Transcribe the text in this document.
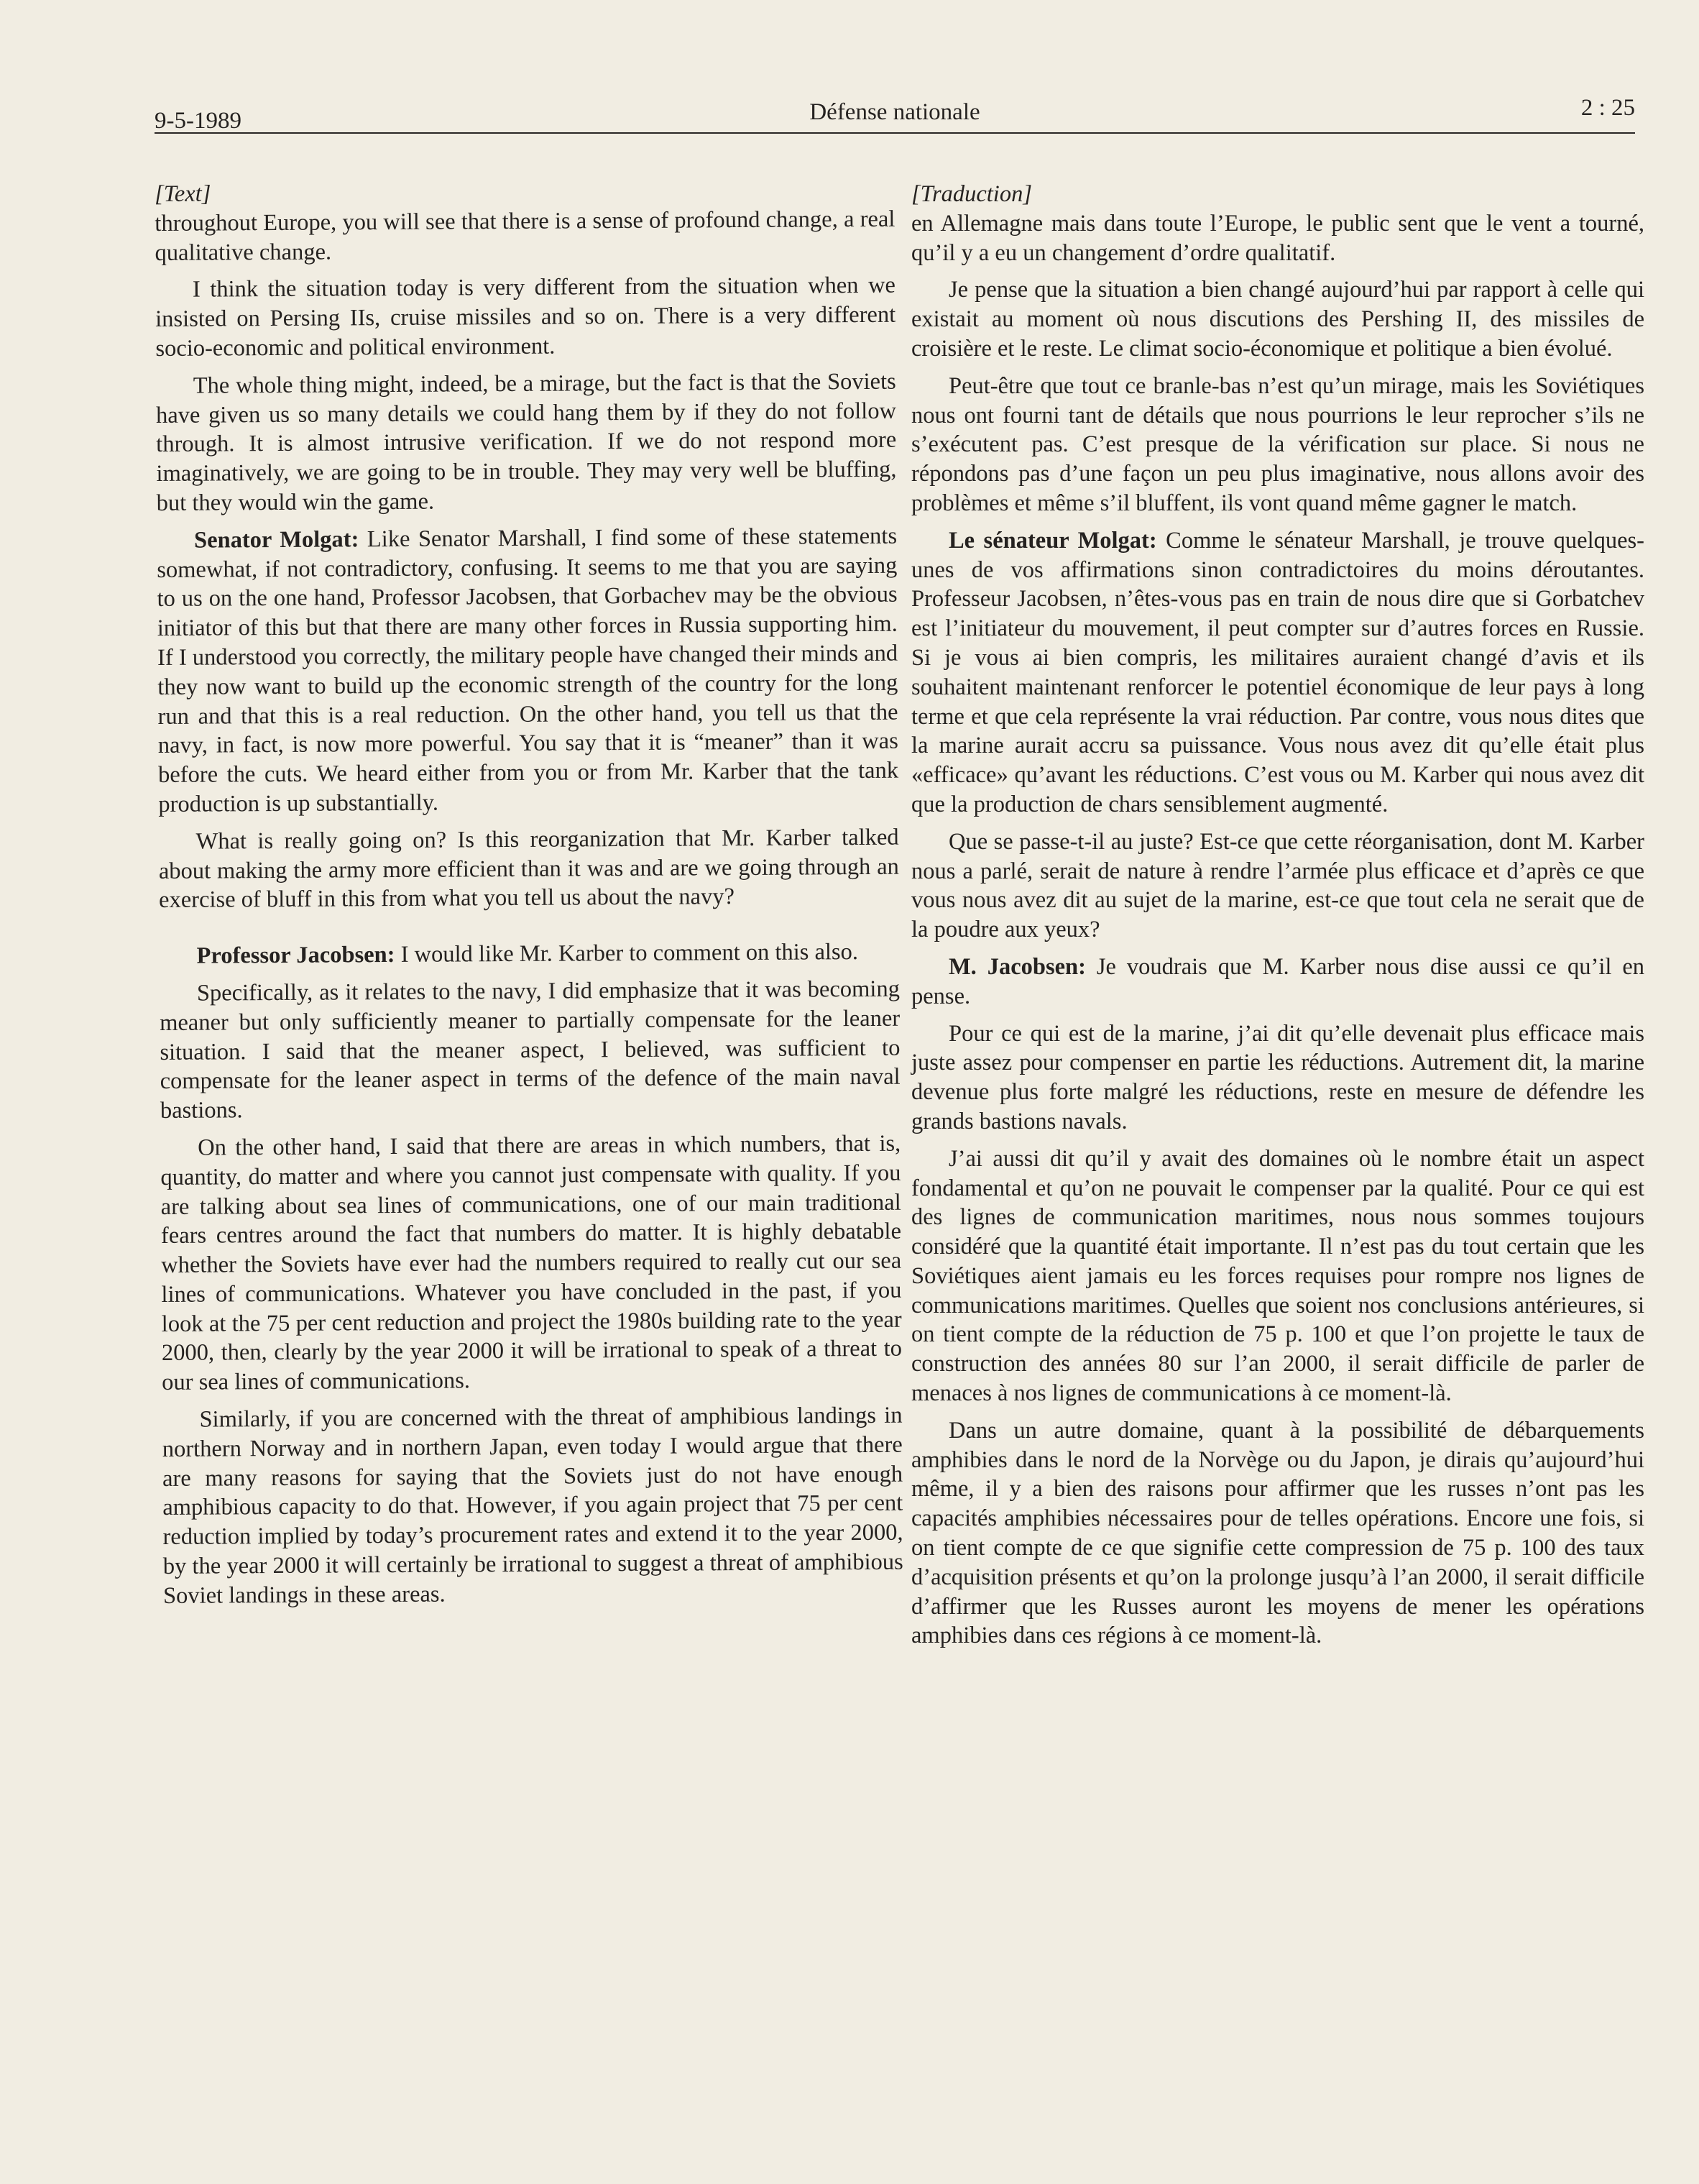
9-5-1989	Défense nationale	2 : 25

[Text]

throughout Europe, you will see that there is a sense of profound change, a real qualitative change.

I think the situation today is very different from the situation when we insisted on Persing IIs, cruise missiles and so on. There is a very different socio-economic and political environment.

The whole thing might, indeed, be a mirage, but the fact is that the Soviets have given us so many details we could hang them by if they do not follow through. It is almost intrusive verification. If we do not respond more imaginatively, we are going to be in trouble. They may very well be bluffing, but they would win the game.

Senator Molgat: Like Senator Marshall, I find some of these statements somewhat, if not contradictory, confusing. It seems to me that you are saying to us on the one hand, Professor Jacobsen, that Gorbachev may be the obvious initiator of this but that there are many other forces in Russia supporting him. If I understood you correctly, the military people have changed their minds and they now want to build up the economic strength of the country for the long run and that this is a real reduction. On the other hand, you tell us that the navy, in fact, is now more powerful. You say that it is “meaner” than it was before the cuts. We heard either from you or from Mr. Karber that the tank production is up substantially.

What is really going on? Is this reorganization that Mr. Karber talked about making the army more efficient than it was and are we going through an exercise of bluff in this from what you tell us about the navy?

Professor Jacobsen: I would like Mr. Karber to comment on this also.

Specifically, as it relates to the navy, I did emphasize that it was becoming meaner but only sufficiently meaner to partially compensate for the leaner situation. I said that the meaner aspect, I believed, was sufficient to compensate for the leaner aspect in terms of the defence of the main naval bastions.

On the other hand, I said that there are areas in which numbers, that is, quantity, do matter and where you cannot just compensate with quality. If you are talking about sea lines of communications, one of our main traditional fears centres around the fact that numbers do matter. It is highly debatable whether the Soviets have ever had the numbers required to really cut our sea lines of communications. Whatever you have concluded in the past, if you look at the 75 per cent reduction and project the 1980s building rate to the year 2000, then, clearly by the year 2000 it will be irrational to speak of a threat to our sea lines of communications.

Similarly, if you are concerned with the threat of amphibious landings in northern Norway and in northern Japan, even today I would argue that there are many reasons for saying that the Soviets just do not have enough amphibious capacity to do that. However, if you again project that 75 per cent reduction implied by today’s procurement rates and extend it to the year 2000, by the year 2000 it will certainly be irrational to suggest a threat of amphibious Soviet landings in these areas.

[Traduction]

en Allemagne mais dans toute l’Europe, le public sent que le vent a tourné, qu’il y a eu un changement d’ordre qualitatif.

Je pense que la situation a bien changé aujourd’hui par rapport à celle qui existait au moment où nous discutions des Pershing II, des missiles de croisière et le reste. Le climat socio-économique et politique a bien évolué.

Peut-être que tout ce branle-bas n’est qu’un mirage, mais les Soviétiques nous ont fourni tant de détails que nous pourrions le leur reprocher s’ils ne s’exécutent pas. C’est presque de la vérification sur place. Si nous ne répondons pas d’une façon un peu plus imaginative, nous allons avoir des problèmes et même s’il bluffent, ils vont quand même gagner le match.

Le sénateur Molgat: Comme le sénateur Marshall, je trouve quelques-unes de vos affirmations sinon contradictoires du moins déroutantes. Professeur Jacobsen, n’êtes-vous pas en train de nous dire que si Gorbatchev est l’initiateur du mouvement, il peut compter sur d’autres forces en Russie. Si je vous ai bien compris, les militaires auraient changé d’avis et ils souhaitent maintenant renforcer le potentiel économique de leur pays à long terme et que cela représente la vrai réduction. Par contre, vous nous dites que la marine aurait accru sa puissance. Vous nous avez dit qu’elle était plus «efficace» qu’avant les réductions. C’est vous ou M. Karber qui nous avez dit que la production de chars sensiblement augmenté.

Que se passe-t-il au juste? Est-ce que cette réorganisation, dont M. Karber nous a parlé, serait de nature à rendre l’armée plus efficace et d’après ce que vous nous avez dit au sujet de la marine, est-ce que tout cela ne serait que de la poudre aux yeux?

M. Jacobsen: Je voudrais que M. Karber nous dise aussi ce qu’il en pense.

Pour ce qui est de la marine, j’ai dit qu’elle devenait plus efficace mais juste assez pour compenser en partie les réductions. Autrement dit, la marine devenue plus forte malgré les réductions, reste en mesure de défendre les grands bastions navals.

J’ai aussi dit qu’il y avait des domaines où le nombre était un aspect fondamental et qu’on ne pouvait le compenser par la qualité. Pour ce qui est des lignes de communication maritimes, nous nous sommes toujours considéré que la quantité était importante. Il n’est pas du tout certain que les Soviétiques aient jamais eu les forces requises pour rompre nos lignes de communications maritimes. Quelles que soient nos conclusions antérieures, si on tient compte de la réduction de 75 p. 100 et que l’on projette le taux de construction des années 80 sur l’an 2000, il serait difficile de parler de menaces à nos lignes de communications à ce moment-là.

Dans un autre domaine, quant à la possibilité de débarquements amphibies dans le nord de la Norvège ou du Japon, je dirais qu’aujourd’hui même, il y a bien des raisons pour affirmer que les russes n’ont pas les capacités amphibies nécessaires pour de telles opérations. Encore une fois, si on tient compte de ce que signifie cette compression de 75 p. 100 des taux d’acquisition présents et qu’on la prolonge jusqu’à l’an 2000, il serait difficile d’affirmer que les Russes auront les moyens de mener les opérations amphibies dans ces régions à ce moment-là.
